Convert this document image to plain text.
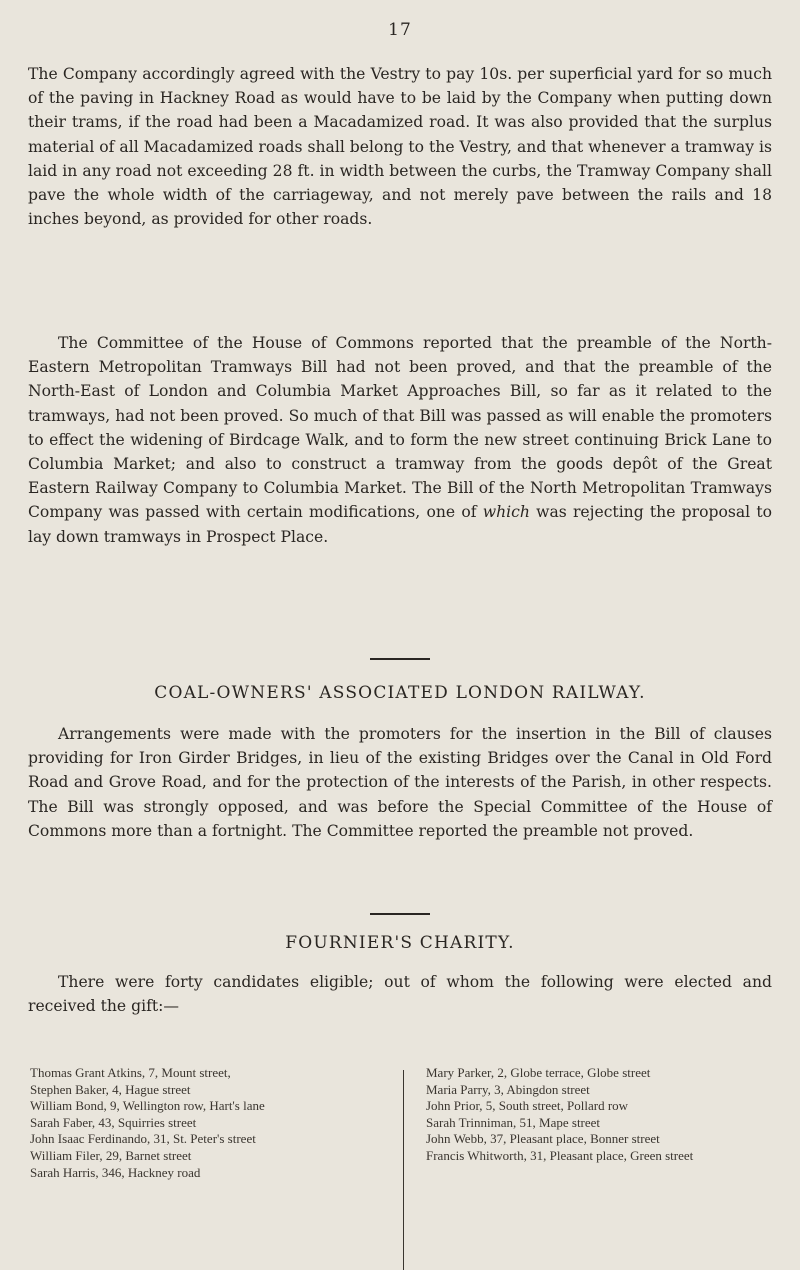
17

The Company accordingly agreed with the Vestry to pay 10s. per superficial yard for so much of the paving in Hackney Road as would have to be laid by the Company when putting down their trams, if the road had been a Macadamized road. It was also provided that the surplus material of all Macadamized roads shall belong to the Vestry, and that whenever a tramway is laid in any road not exceeding 28 ft. in width between the curbs, the Tramway Company shall pave the whole width of the carriageway, and not merely pave between the rails and 18 inches beyond, as provided for other roads.

The Committee of the House of Commons reported that the preamble of the North-Eastern Metropolitan Tramways Bill had not been proved, and that the preamble of the North-East of London and Columbia Market Approaches Bill, so far as it related to the tramways, had not been proved. So much of that Bill was passed as will enable the promoters to effect the widening of Birdcage Walk, and to form the new street continuing Brick Lane to Columbia Market; and also to construct a tramway from the goods depôt of the Great Eastern Railway Company to Columbia Market. The Bill of the North Metropolitan Tramways Company was passed with certain modifications, one of which was rejecting the proposal to lay down tramways in Prospect Place.

COAL-OWNERS' ASSOCIATED LONDON RAILWAY.

Arrangements were made with the promoters for the insertion in the Bill of clauses providing for Iron Girder Bridges, in lieu of the existing Bridges over the Canal in Old Ford Road and Grove Road, and for the protection of the interests of the Parish, in other respects. The Bill was strongly opposed, and was before the Special Committee of the House of Commons more than a fortnight. The Committee reported the preamble not proved.

FOURNIER'S CHARITY.

There were forty candidates eligible; out of whom the following were elected and received the gift:—

Thomas Grant Atkins, 7, Mount street,
Stephen Baker, 4, Hague street
William Bond, 9, Wellington row, Hart's lane
Sarah Faber, 43, Squirries street
John Isaac Ferdinando, 31, St. Peter's street
William Filer, 29, Barnet street
Sarah Harris, 346, Hackney road
Mary Parker, 2, Globe terrace, Globe street
Maria Parry, 3, Abingdon street
John Prior, 5, South street, Pollard row
Sarah Trinniman, 51, Mape street
John Webb, 37, Pleasant place, Bonner street
Francis Whitworth, 31, Pleasant place, Green street
